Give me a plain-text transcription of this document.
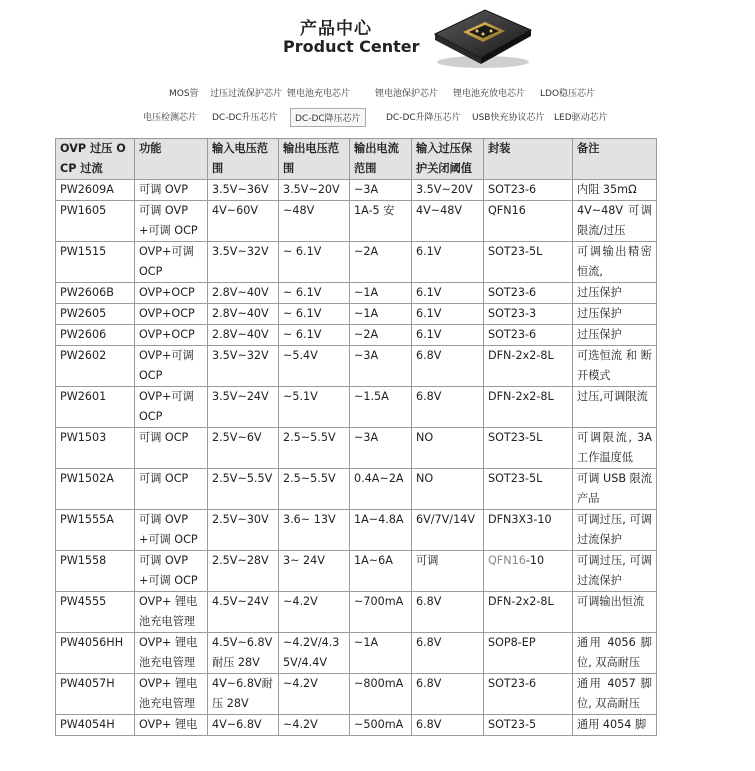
产品中心
Product Center
MOS管	过压过流保护芯片 锂电池充电芯片	锂电池保护芯片	锂电池充放电芯片	LDO稳压芯片
电压检测芯片	DC-DC升压芯片	DC-DC降压芯片	DC-DC升降压芯片	USB快充协议芯片	LED驱动芯片
OVP 过压 OCP 过流	功能	输入电压范围	输出电压范围	输出电流范围	输入过压保护关闭阈值	封装	备注
PW2609A	可调 OVP	3.5V~36V	3.5V~20V	~3A	3.5V~20V	SOT23-6	内阻 35mΩ
PW1605	可调 OVP+可调 OCP	4V~60V	~48V	1A-5 安	4V~48V	QFN16	4V~48V 可调限流/过压
PW1515	OVP+可调 OCP	3.5V~32V	~ 6.1V	~2A	6.1V	SOT23-5L	可调输出精密恒流,
PW2606B	OVP+OCP	2.8V~40V	~ 6.1V	~1A	6.1V	SOT23-6	过压保护
PW2605	OVP+OCP	2.8V~40V	~ 6.1V	~1A	6.1V	SOT23-3	过压保护
PW2606	OVP+OCP	2.8V~40V	~ 6.1V	~2A	6.1V	SOT23-6	过压保护
PW2602	OVP+可调 OCP	3.5V~32V	~5.4V	~3A	6.8V	DFN-2x2-8L	可选恒流 和 断开模式
PW2601	OVP+可调 OCP	3.5V~24V	~5.1V	~1.5A	6.8V	DFN-2x2-8L	过压,可调限流
PW1503	可调 OCP	2.5V~6V	2.5~5.5V	~3A	NO	SOT23-5L	可调限流, 3A 工作温度低
PW1502A	可调 OCP	2.5V~5.5V	2.5~5.5V	0.4A~2A	NO	SOT23-5L	可调 USB 限流产品
PW1555A	可调 OVP+可调 OCP	2.5V~30V	3.6~ 13V	1A~4.8A	6V/7V/14V	DFN3X3-10	可调过压, 可调过流保护
PW1558	可调 OVP+可调 OCP	2.5V~28V	3~ 24V	1A~6A	可调	QFN16-10	可调过压, 可调过流保护
PW4555	OVP+ 锂电池充电管理	4.5V~24V	~4.2V	~700mA	6.8V	DFN-2x2-8L	可调输出恒流
PW4056HH	OVP+ 锂电池充电管理	4.5V~6.8V耐压 28V	~4.2V/4.35V/4.4V	~1A	6.8V	SOP8-EP	通用 4056 脚位, 双高耐压
PW4057H	OVP+ 锂电池充电管理	4V~6.8V耐压 28V	~4.2V	~800mA	6.8V	SOT23-6	通用 4057 脚位, 双高耐压
PW4054H	OVP+ 锂电	4V~6.8V	~4.2V	~500mA	6.8V	SOT23-5	通用 4054 脚
